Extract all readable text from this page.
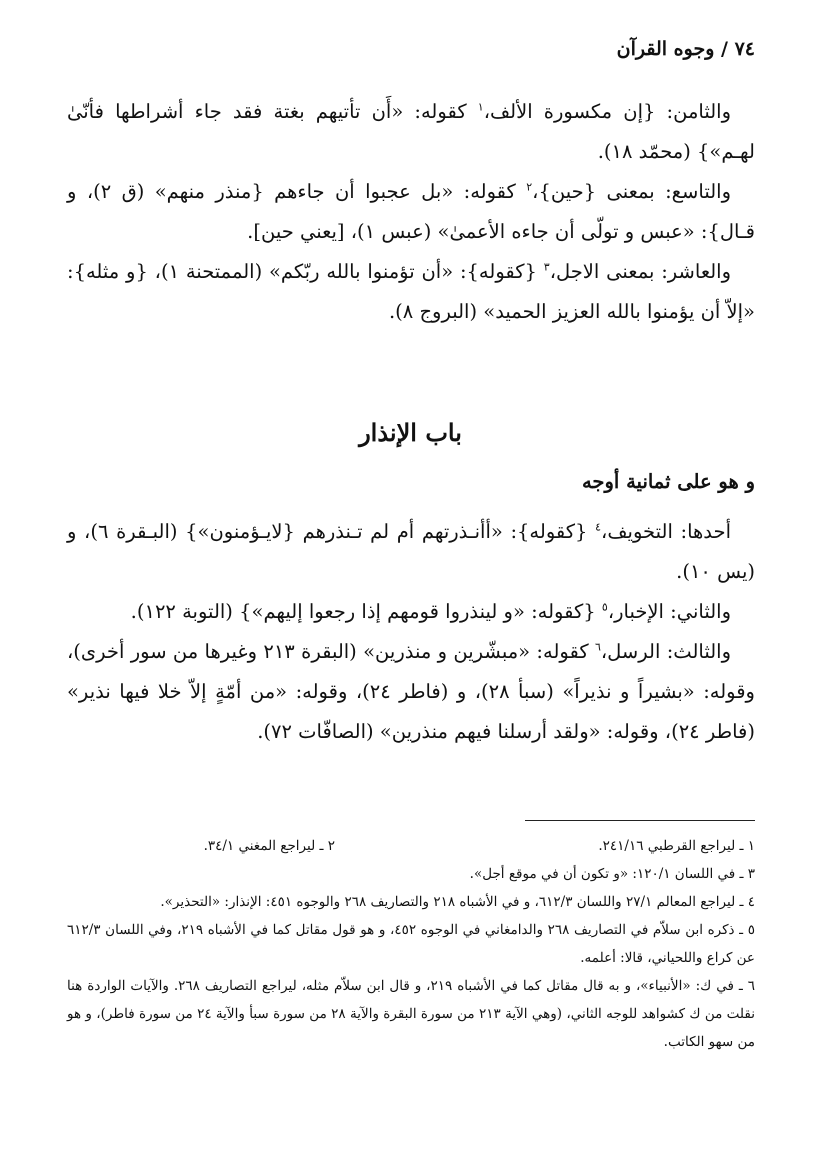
٧٤ / وجوه القرآن

والثامن: {إن مكسورة الألف،$^١$ كقوله: «أَن تأتيهم بغتة فقد جاء أشراطها فأنّىٰ لهـم»} (محمّد ١٨).

والتاسع: بمعنى {حين}،$^٢$ كقوله: «بل عجبوا أن جاءهم {منذر منهم» (ق ٢)، و قـال}: «عبس و تولّى أن جاءه الأعمىٰ» (عبس ١)، [يعني حين].

والعاشر: بمعنى الاجل،$^٣$ {كقوله}: «أن تؤمنوا بالله ربّكم» (الممتحنة ١)، {و مثله}: «إلاّ أن يؤمنوا بالله العزيز الحميد» (البروج ٨).

باب الإنذار
و هو على ثمانية أوجه

أحدها: التخويف،$^٤$ {كقوله}: «أأنـذرتهم أم لم تـنذرهم {لايـؤمنون»} (البـقرة ٦)، و (يس ١٠).

والثاني: الإخبار،$^٥$ {كقوله: «و لينذروا قومهم إذا رجعوا إليهم»} (التوبة ١٢٢).

والثالث: الرسل،$^٦$ كقوله: «مبشّرين و منذرين» (البقرة ٢١٣ وغيرها من سور أخرى)، وقوله: «بشيراً و نذيراً» (سبأ ٢٨)، و (فاطر ٢٤)، وقوله: «من أمّةٍ إلاّ خلا فيها نذير» (فاطر ٢٤)، وقوله: «ولقد أرسلنا فيهم منذرين» (الصافّات ٧٢).

١ ـ ليراجع القرطبي ٢٤١/١٦.
٢ ـ ليراجع المغني ٣٤/١.

٣ ـ في اللسان ١٢٠/١: «و تكون أن في موقع أجل».

٤ ـ ليراجع المعالم ٢٧/١ واللسان ٦١٢/٣، و في الأشباه ٢١٨ والتصاريف ٢٦٨ والوجوه ٤٥١: الإنذار: «التحذير».

٥ ـ ذكره ابن سلاّم في التصاريف ٢٦٨ والدامغاني في الوجوه ٤٥٢، و هو قول مقاتل كما في الأشباه ٢١٩، وفي اللسان ٦١٢/٣ عن كراع واللحياني، قالا: أعلمه.

٦ ـ في ك: «الأنبياء»، و به قال مقاتل كما في الأشباه ٢١٩، و قال ابن سلاّم مثله، ليراجع التصاريف ٢٦٨. والآيات الواردة هنا نقلت من ك كشواهد للوجه الثاني، (وهي الآية ٢١٣ من سورة البقرة والآية ٢٨ من سورة سبأ والآية ٢٤ من سورة فاطر)، و هو من سهو الكاتب.
